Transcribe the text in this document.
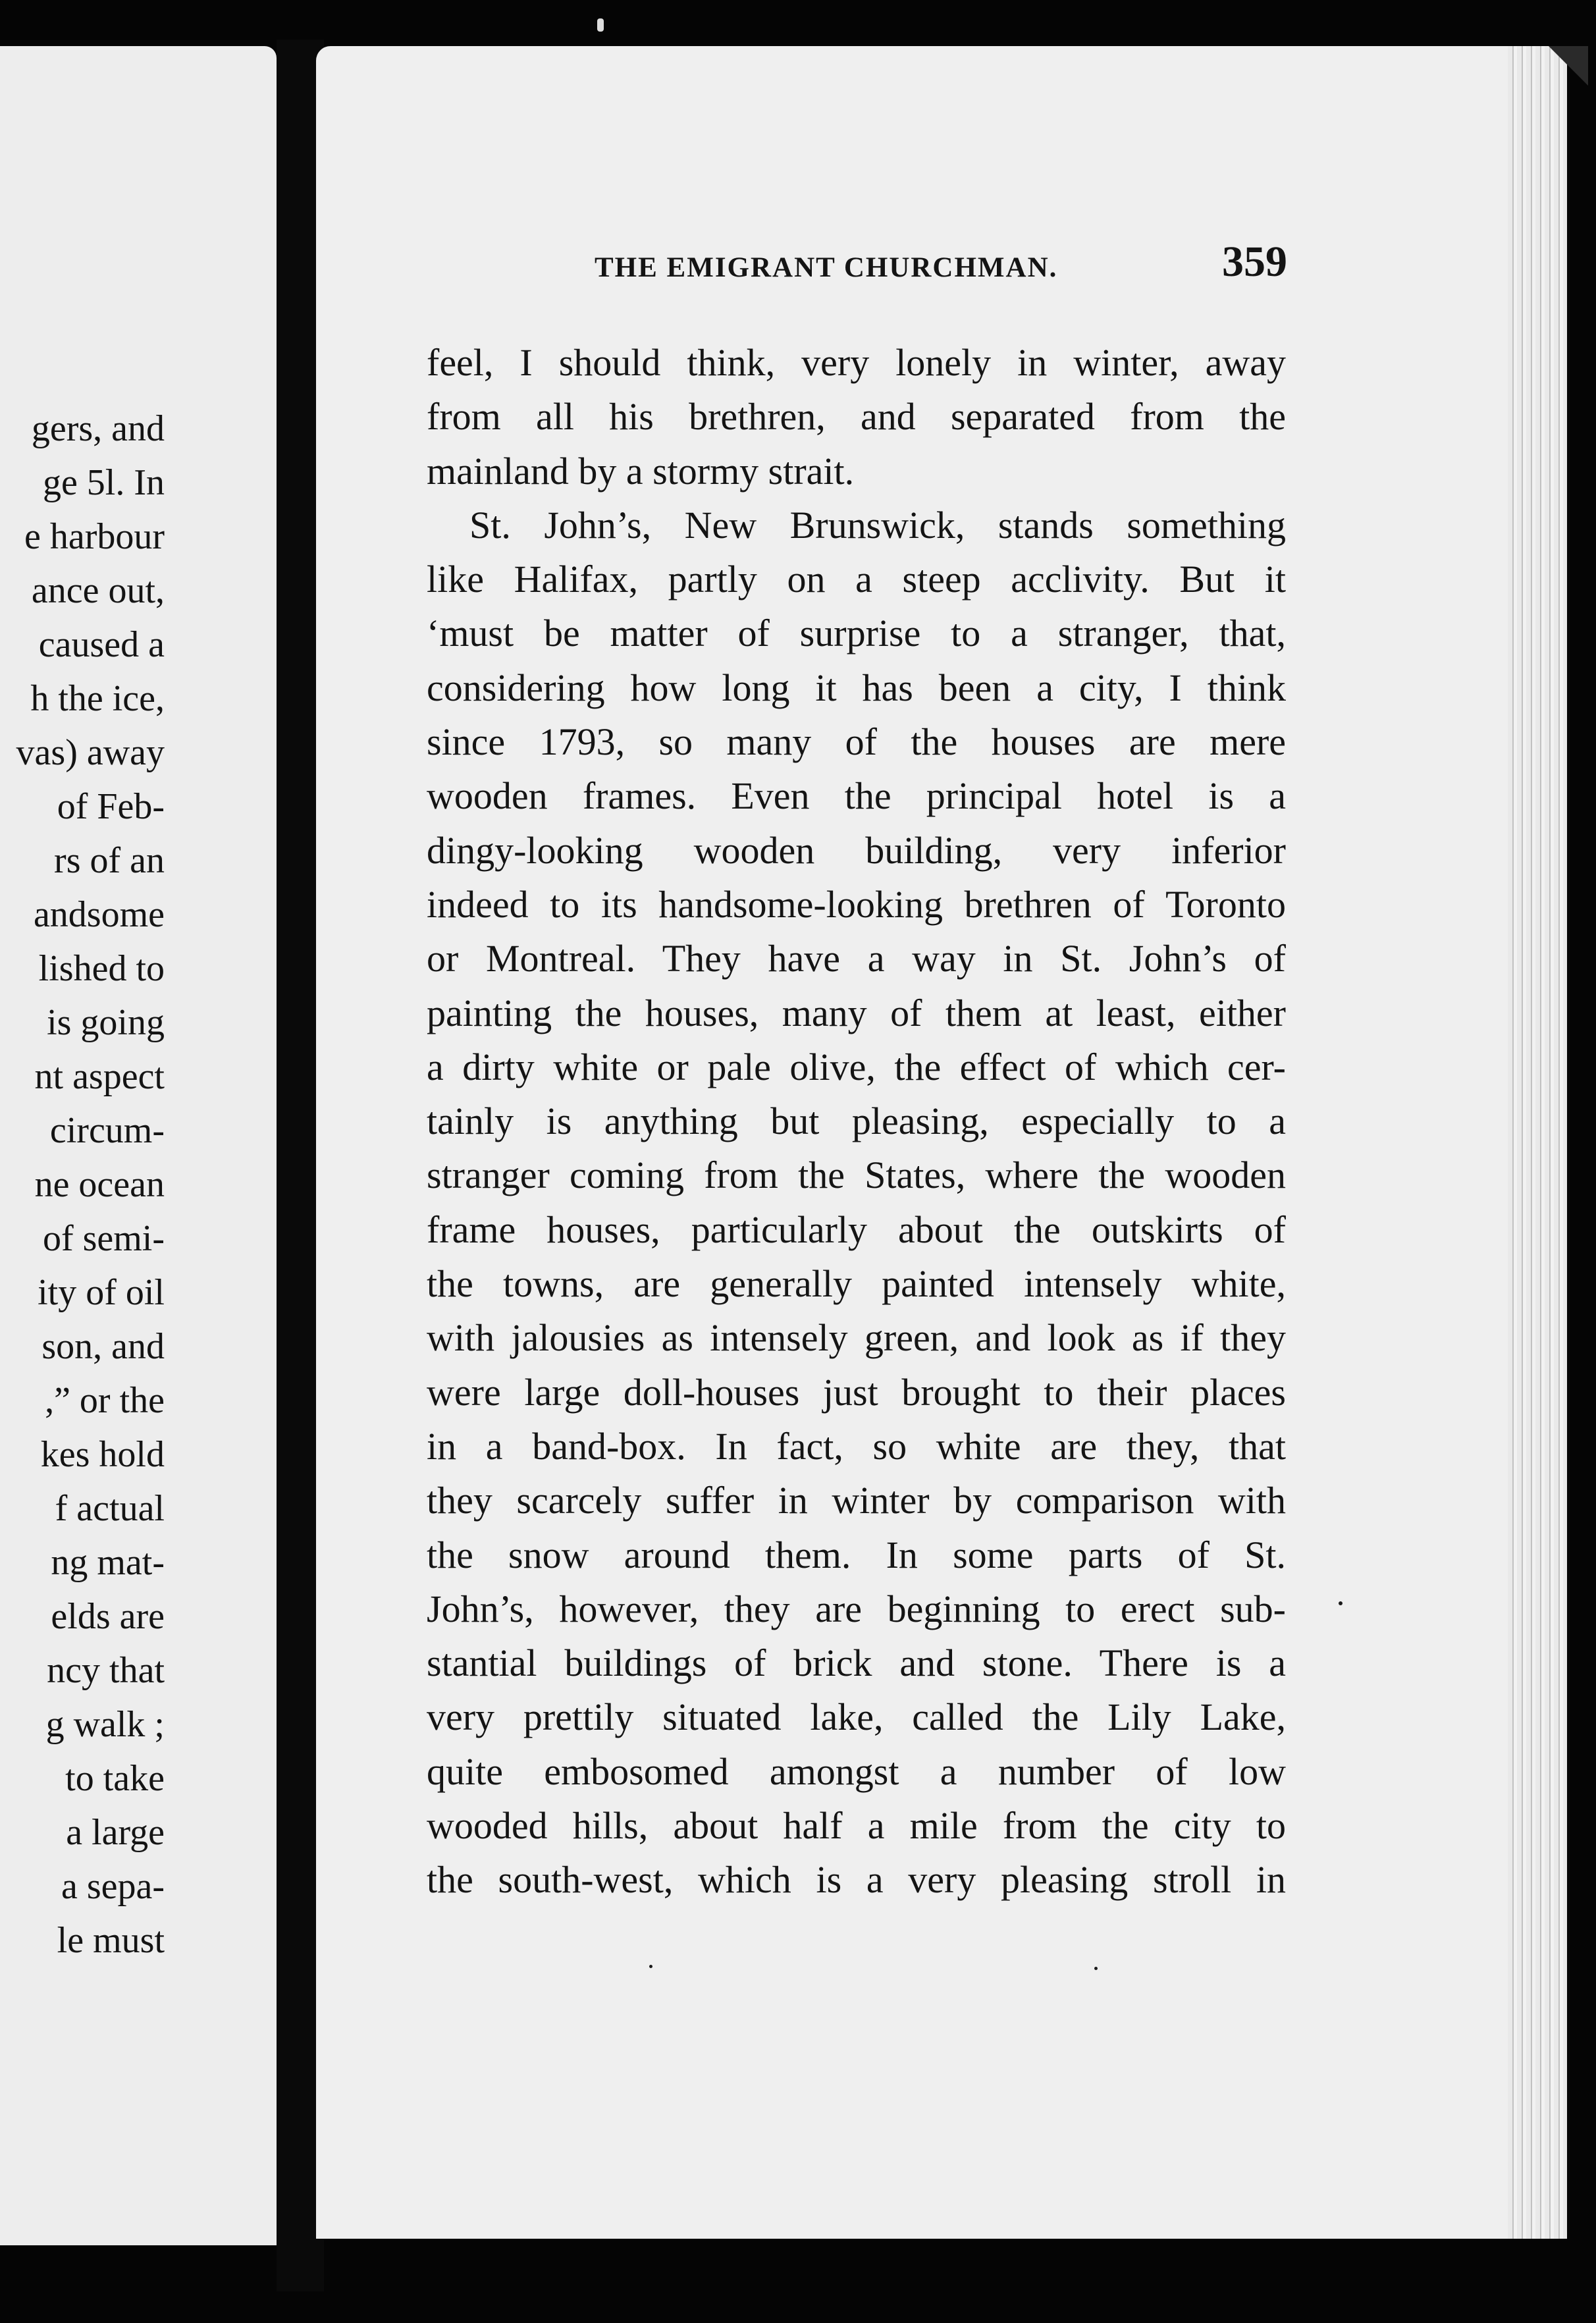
gers, and
ge 5l. In
e harbour
ance out,
caused a
h the ice,
vas) away
of Feb-
rs of an
andsome
lished to
is going
nt aspect
circum-
ne ocean
of semi-
ity of oil
son, and
,” or the
kes hold
f actual
ng mat-
elds are
ncy that
g walk ;
to take
a large
a sepa-
le must
THE EMIGRANT CHURCHMAN.	359
feel, I should think, very lonely in winter, away
from all his brethren, and separated from the
mainland by a stormy strait.
St. John’s, New Brunswick, stands something
like Halifax, partly on a steep acclivity. But it
‘must be matter of surprise to a stranger, that,
considering how long it has been a city, I think
since 1793, so many of the houses are mere
wooden frames. Even the principal hotel is a
dingy-looking wooden building, very inferior
indeed to its handsome-looking brethren of Toronto
or Montreal. They have a way in St. John’s of
painting the houses, many of them at least, either
a dirty white or pale olive, the effect of which cer-
tainly is anything but pleasing, especially to a
stranger coming from the States, where the wooden
frame houses, particularly about the outskirts of
the towns, are generally painted intensely white,
with jalousies as intensely green, and look as if they
were large doll-houses just brought to their places
in a band-box. In fact, so white are they, that
they scarcely suffer in winter by comparison with
the snow around them. In some parts of St.
John’s, however, they are beginning to erect sub-
stantial buildings of brick and stone. There is a
very prettily situated lake, called the Lily Lake,
quite embosomed amongst a number of low
wooded hills, about half a mile from the city to
the south-west, which is a very pleasing stroll in
